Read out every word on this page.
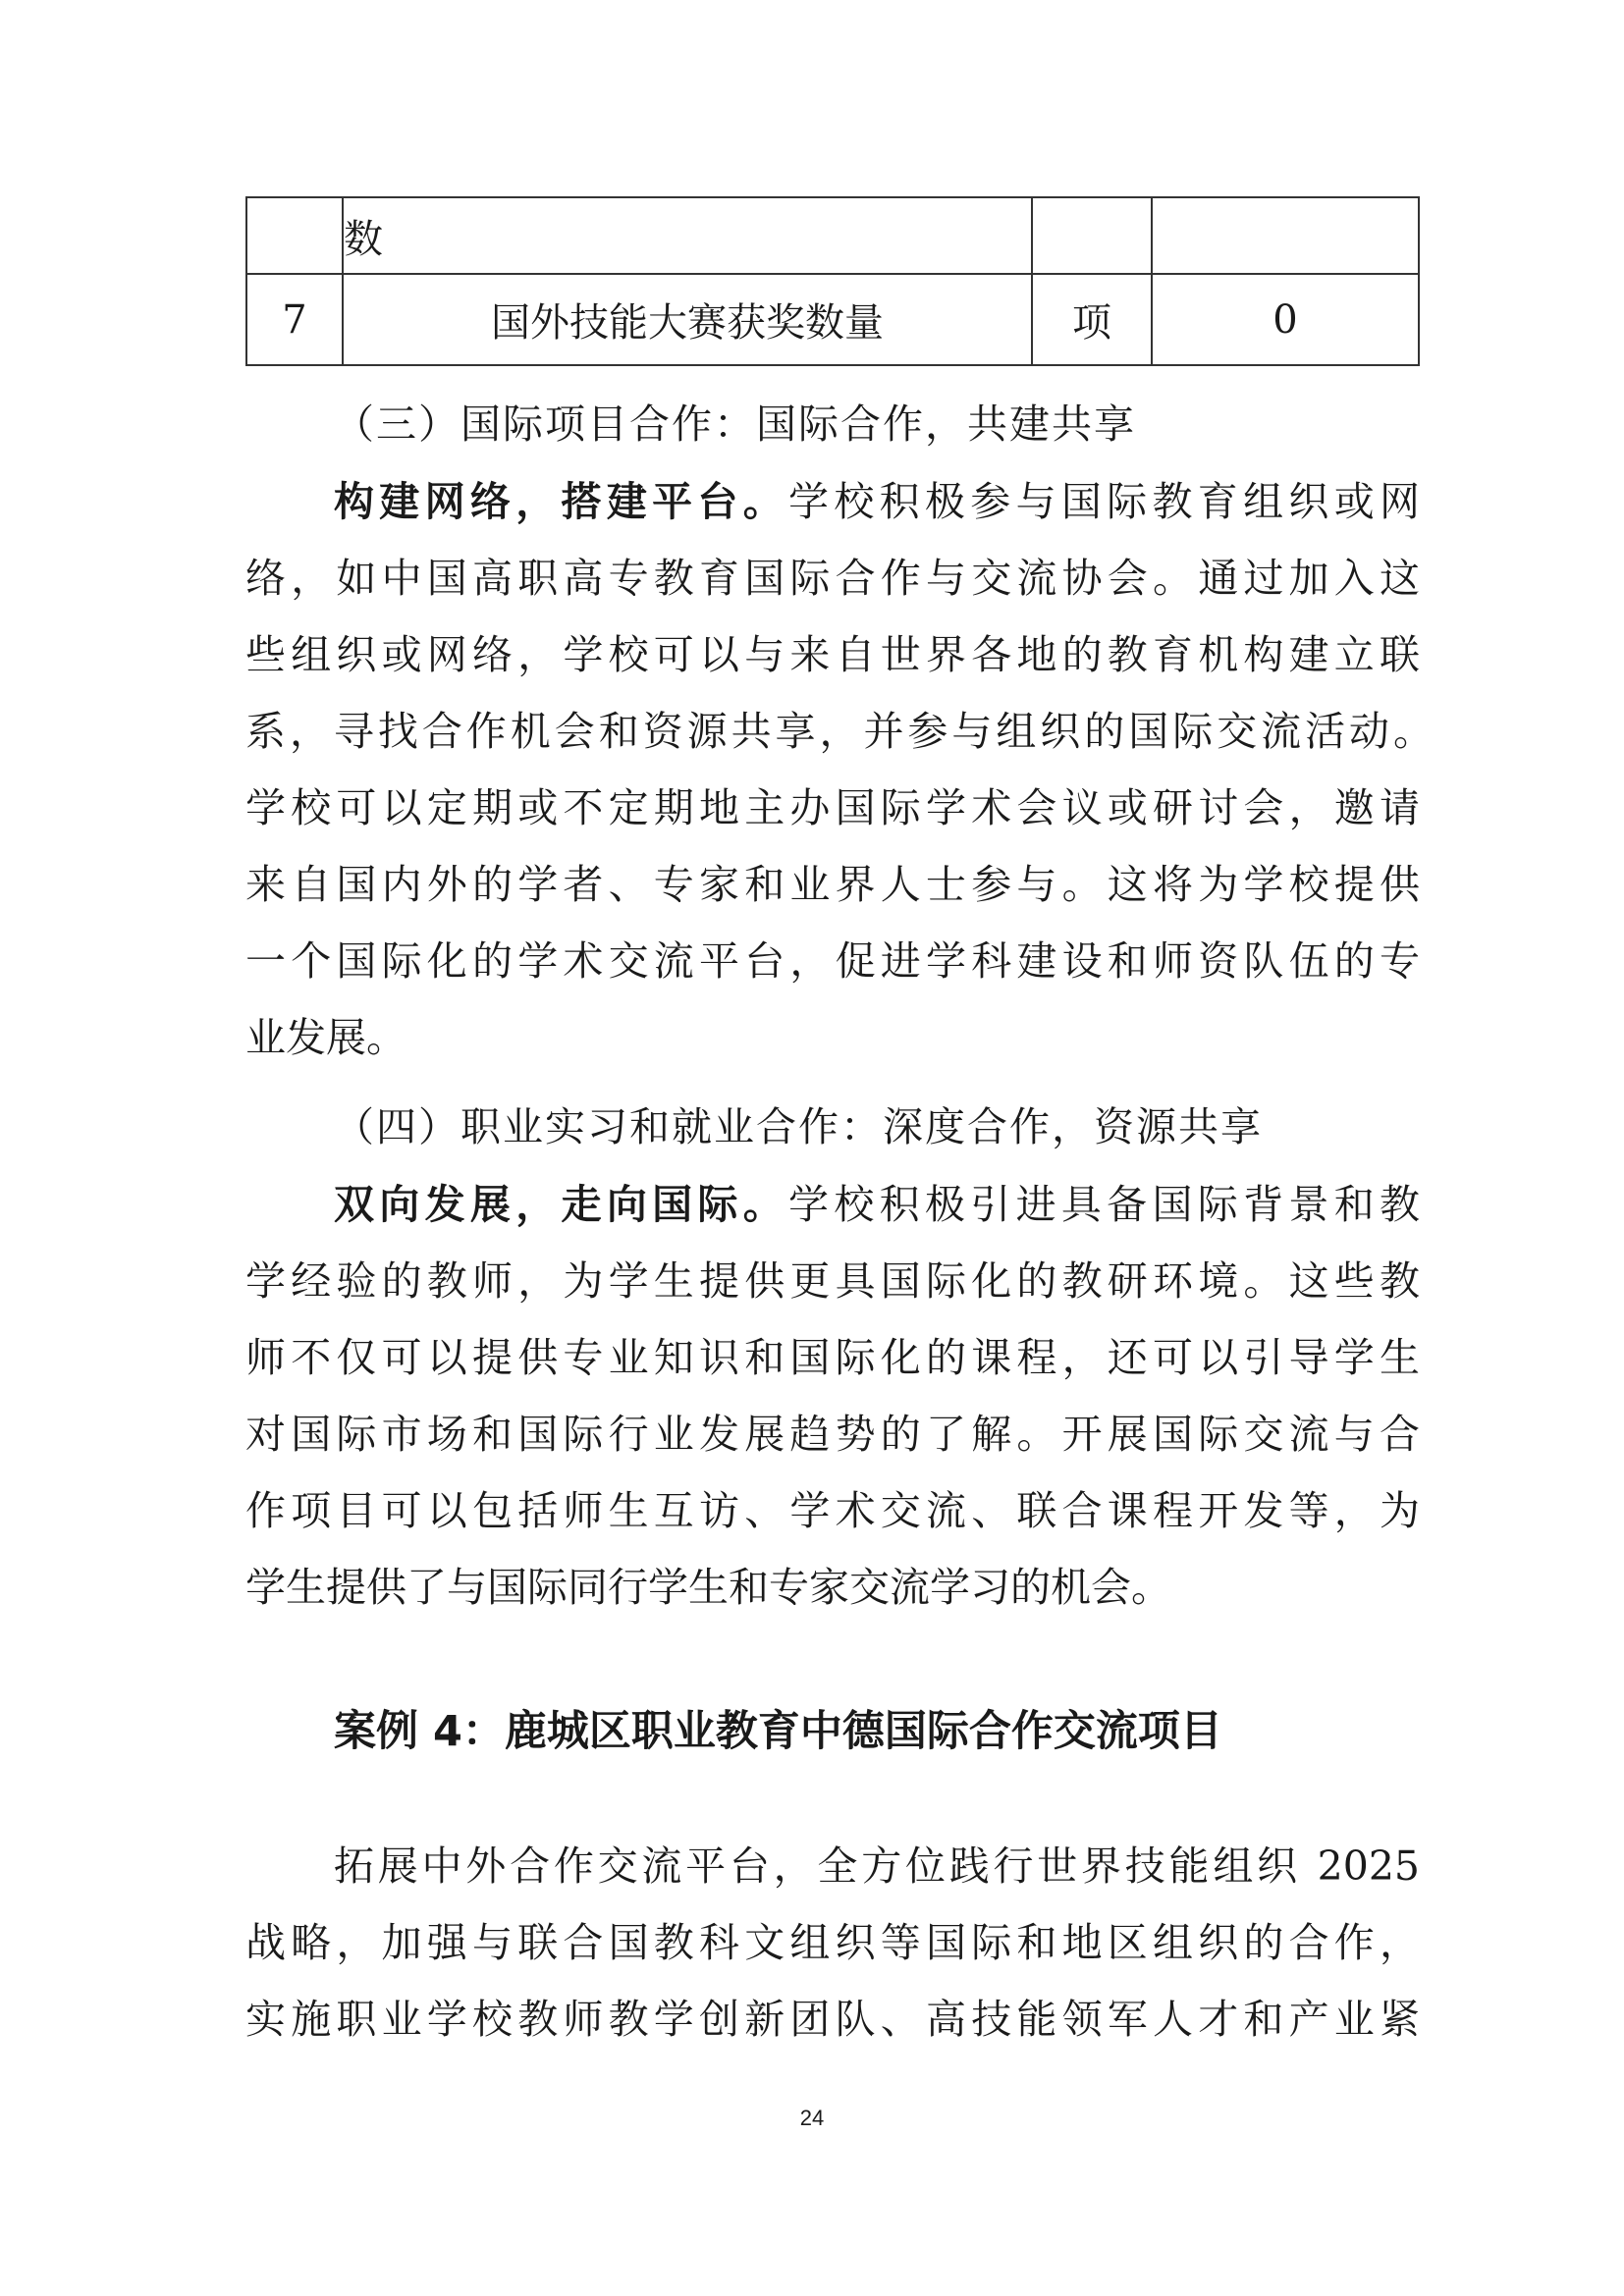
	数		
7	国外技能大赛获奖数量	项	0
（三）国际项目合作：国际合作，共建共享
构建网络，搭建平台。学校积极参与国际教育组织或网
络，如中国高职高专教育国际合作与交流协会。通过加入这
些组织或网络，学校可以与来自世界各地的教育机构建立联
系，寻找合作机会和资源共享，并参与组织的国际交流活动。
学校可以定期或不定期地主办国际学术会议或研讨会，邀请
来自国内外的学者、专家和业界人士参与。这将为学校提供
一个国际化的学术交流平台，促进学科建设和师资队伍的专
业发展。
（四）职业实习和就业合作：深度合作，资源共享
双向发展，走向国际。学校积极引进具备国际背景和教
学经验的教师，为学生提供更具国际化的教研环境。这些教
师不仅可以提供专业知识和国际化的课程，还可以引导学生
对国际市场和国际行业发展趋势的了解。开展国际交流与合
作项目可以包括师生互访、学术交流、联合课程开发等，为
学生提供了与国际同行学生和专家交流学习的机会。
案例 4：鹿城区职业教育中德国际合作交流项目
拓展中外合作交流平台，全方位践行世界技能组织 2025
战略，加强与联合国教科文组织等国际和地区组织的合作，
实施职业学校教师教学创新团队、高技能领军人才和产业紧
24
